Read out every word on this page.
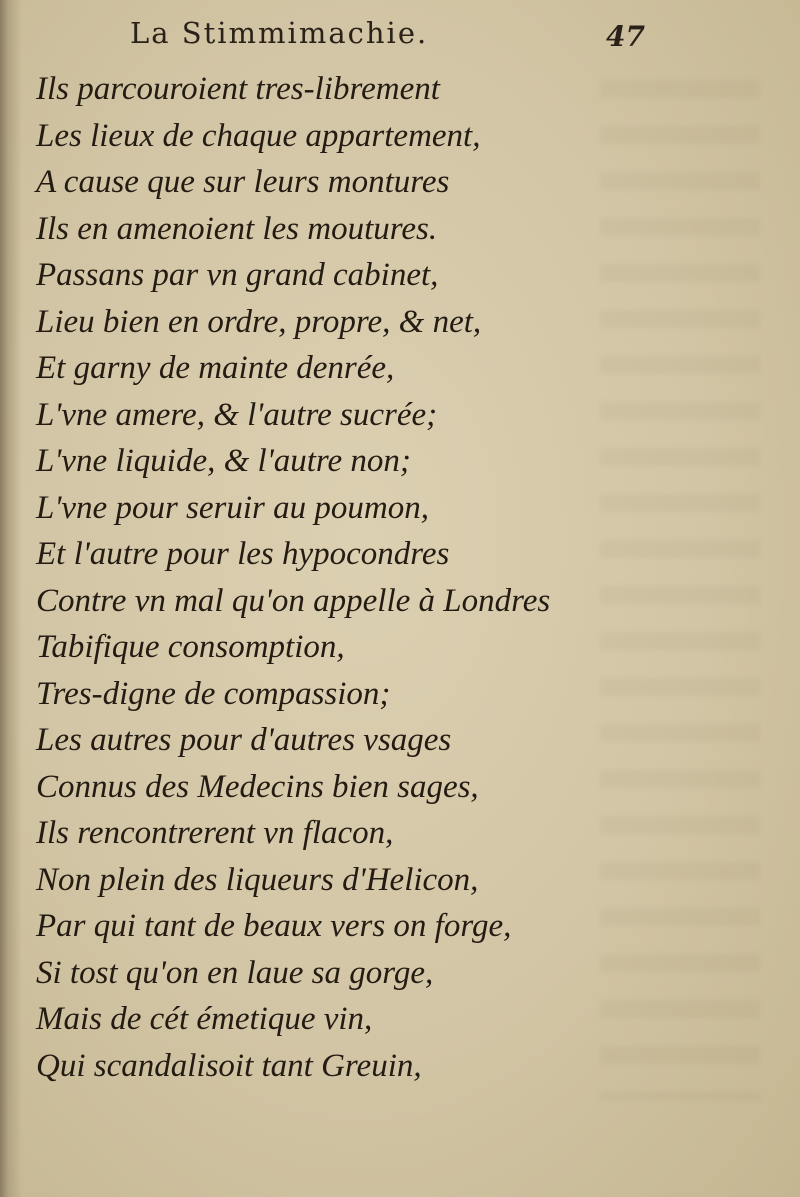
La Stimmimachie.	47
Ils parcouroient tres-librement
Les lieux de chaque appartement,
A cause que sur leurs montures
Ils en amenoient les moutures.
Passans par vn grand cabinet,
Lieu bien en ordre, propre, & net,
Et garny de mainte denrée,
L'vne amere, & l'autre sucrée;
L'vne liquide, & l'autre non;
L'vne pour seruir au poumon,
Et l'autre pour les hypocondres
Contre vn mal qu'on appelle à Londres
Tabifique consomption,
Tres-digne de compassion;
Les autres pour d'autres vsages
Connus des Medecins bien sages,
Ils rencontrerent vn flacon,
Non plein des liqueurs d'Helicon,
Par qui tant de beaux vers on forge,
Si tost qu'on en laue sa gorge,
Mais de cét émetique vin,
Qui scandalisoit tant Greuin,
